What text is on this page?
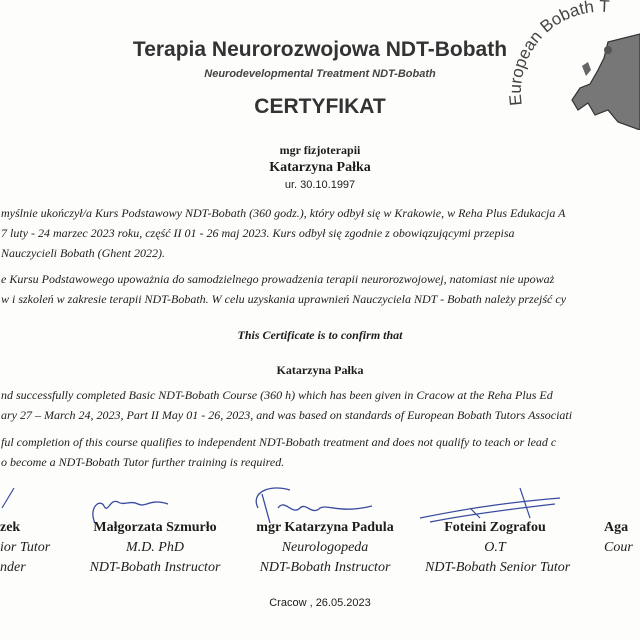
European Bobath T
Terapia Neurorozwojowa NDT-Bobath
Neurodevelopmental Treatment NDT-Bobath
CERTYFIKAT
mgr fizjoterapii
Katarzyna Pałka
ur. 30.10.1997
myślnie ukończył/a Kurs Podstawowy NDT-Bobath (360 godz.), który odbył się w Krakowie, w Reha Plus Edukacja A
7 luty - 24 marzec 2023 roku, część II 01 - 26 maj 2023. Kurs odbył się zgodnie z obowiązującymi przepisa
Nauczycieli Bobath (Ghent 2022).
e Kursu Podstawowego upoważnia do samodzielnego prowadzenia terapii neurorozwojowej, natomiast nie upoważ
w i szkoleń w zakresie terapii NDT-Bobath. W celu uzyskania uprawnień Nauczyciela NDT - Bobath należy przejść cy
This Certificate is to confirm that
Katarzyna Pałka
nd successfully completed Basic NDT-Bobath Course (360 h) which has been given in Cracow at the Reha Plus Ed
ary 27 – March 24, 2023, Part II May 01 - 26, 2023, and was based on standards of European Bobath Tutors Associati
ful completion of this course qualifies to independent NDT-Bobath treatment and does not qualify to teach or lead c
o become a NDT-Bobath Tutor further training is required.
zek
ior Tutor
nder
Małgorzata Szmurło
M.D. PhD
NDT-Bobath Instructor
mgr Katarzyna Padula
Neurologopeda
NDT-Bobath Instructor
Foteini Zografou
O.T
NDT-Bobath Senior Tutor
Aga
Cour
Cracow , 26.05.2023
